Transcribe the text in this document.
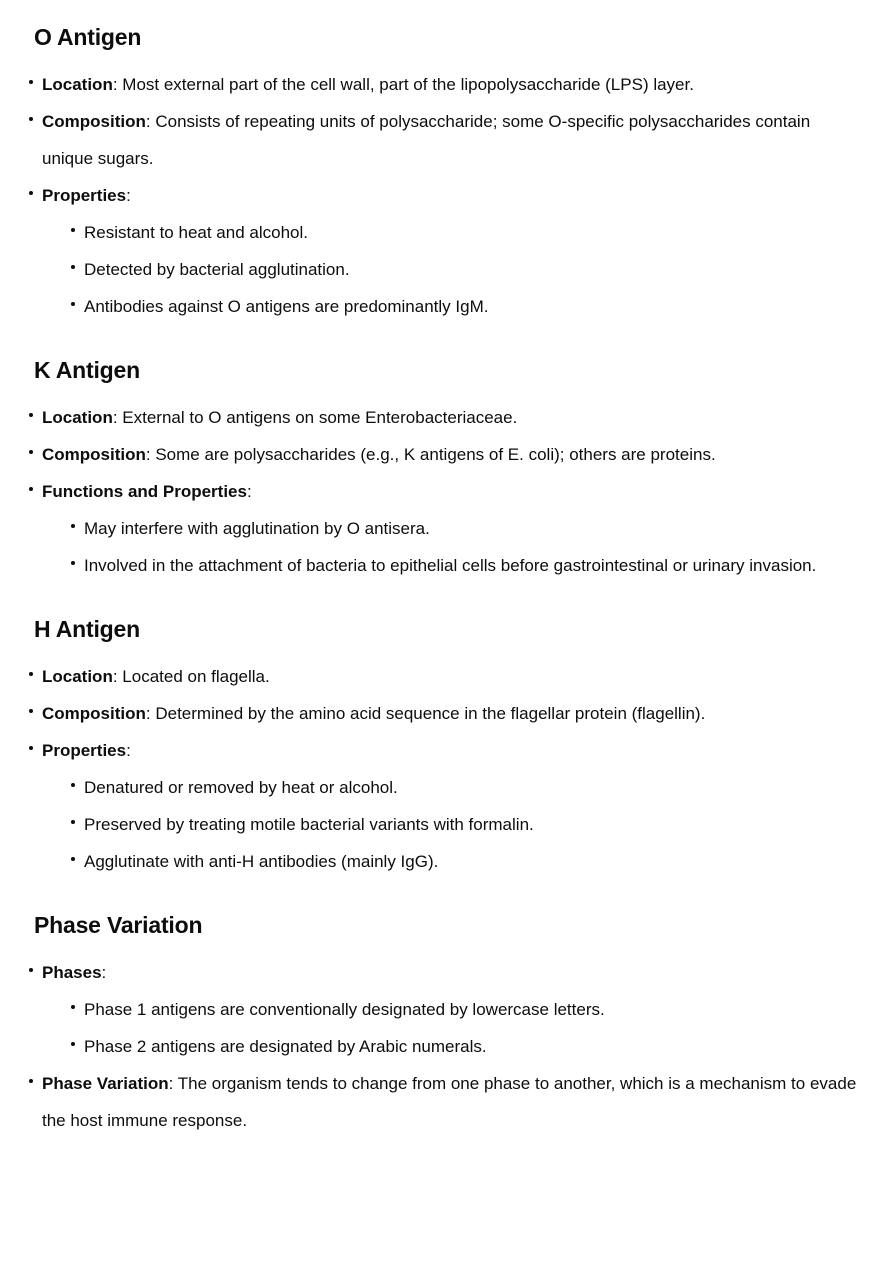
O Antigen

Location: Most external part of the cell wall, part of the lipopolysaccharide (LPS) layer.

Composition: Consists of repeating units of polysaccharide; some O-specific polysaccharides contain unique sugars.

Properties:

Resistant to heat and alcohol.
Detected by bacterial agglutination.
Antibodies against O antigens are predominantly IgM.
K Antigen

Location: External to O antigens on some Enterobacteriaceae.

Composition: Some are polysaccharides (e.g., K antigens of E. coli); others are proteins.

Functions and Properties:

May interfere with agglutination by O antisera.
Involved in the attachment of bacteria to epithelial cells before gastrointestinal or urinary invasion.
H Antigen

Location: Located on flagella.

Composition: Determined by the amino acid sequence in the flagellar protein (flagellin).

Properties:

Denatured or removed by heat or alcohol.
Preserved by treating motile bacterial variants with formalin.
Agglutinate with anti-H antibodies (mainly IgG).
Phase Variation

Phases:

Phase 1 antigens are conventionally designated by lowercase letters.
Phase 2 antigens are designated by Arabic numerals.

Phase Variation: The organism tends to change from one phase to another, which is a mechanism to evade the host immune response.
